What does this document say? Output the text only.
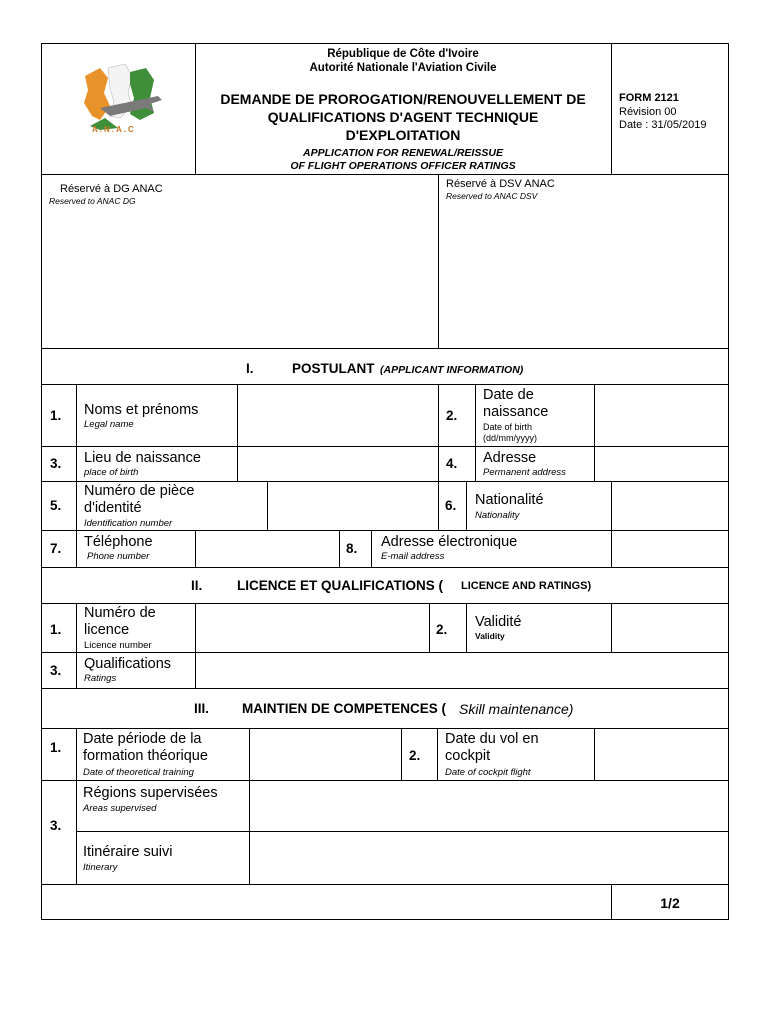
A.N.A.C
République de Côte d'Ivoire
Autorité Nationale l'Aviation Civile
DEMANDE DE PROROGATION/RENOUVELLEMENT DE QUALIFICATIONS D'AGENT TECHNIQUE D'EXPLOITATION
APPLICATION FOR RENEWAL/REISSUE
OF FLIGHT OPERATIONS OFFICER RATINGS
FORM 2121
Révision 00
Date : 31/05/2019
Réservé à DG ANAC
Reserved to ANAC DG
Réservé à DSV ANAC
Reserved to ANAC DSV
I.	POSTULANT (APPLICANT INFORMATION)
1. Noms et prénoms
Legal name
2.
Date de naissance
Date of birth
(dd/mm/yyyy)
3. Lieu de naissance
place of birth
4. Adresse
Permanent address
5.
Numéro de pièce d'identité
Identification number
6. Nationalité
Nationality
7. Téléphone
Phone number
8. Adresse électronique
E-mail address
II.	LICENCE ET QUALIFICATIONS ( LICENCE AND RATINGS)
1.
Numéro de licence
Licence number
2. Validité
Validity
3. Qualifications
Ratings
III. MAINTIEN DE COMPETENCES ( Skill maintenance)
1.
Date période de la formation théorique
Date of theoretical training
2.
Date du vol en cockpit
Date of cockpit flight
3.
Régions supervisées
Areas supervised
Itinéraire suivi
Itinerary
1/2
